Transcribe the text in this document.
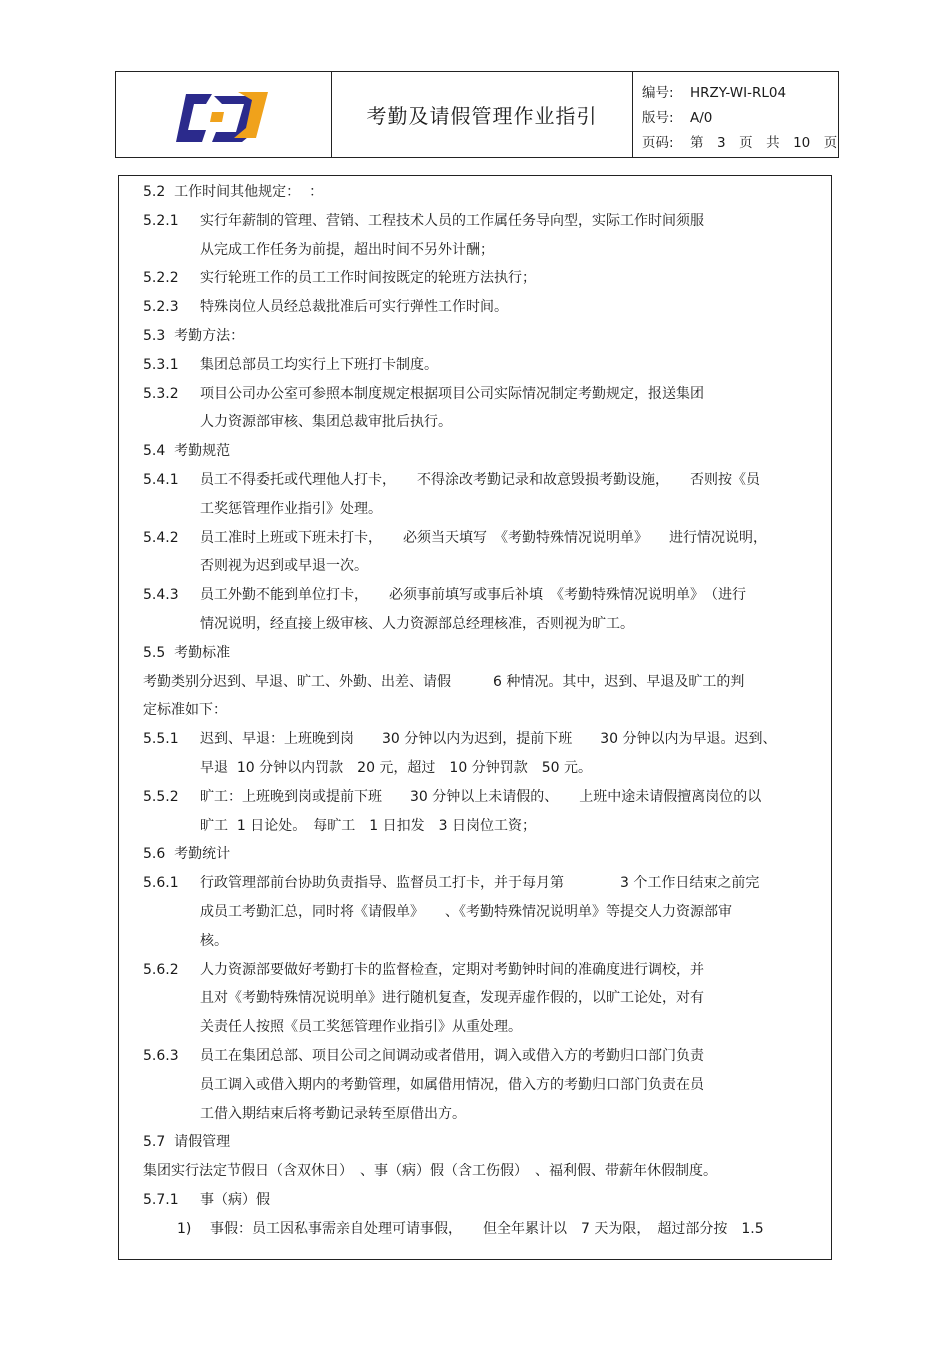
考勤及请假管理作业指引
编号: HRZY-WI-RL04
版号: A/0
页码: 第　3　页　共　10　页
5.2  工作时间其他规定：  ：
5.2.1 实行年薪制的管理、营销、工程技术人员的工作属任务导向型，实际工作时间须服
从完成工作任务为前提，超出时间不另外计酬；
5.2.2 实行轮班工作的员工工作时间按既定的轮班方法执行；
5.2.3 特殊岗位人员经总裁批准后可实行弹性工作时间。
5.3  考勤方法：
5.3.1 集团总部员工均实行上下班打卡制度。
5.3.2 项目公司办公室可参照本制度规定根据项目公司实际情况制定考勤规定，报送集团
人力资源部审核、集团总裁审批后执行。
5.4  考勤规范
5.4.1 员工不得委托或代理他人打卡，　　不得涂改考勤记录和故意毁损考勤设施，　　否则按《员
工奖惩管理作业指引》处理。
5.4.2 员工准时上班或下班未打卡，　　必须当天填写　《考勤特殊情况说明单》　　进行情况说明，
否则视为迟到或早退一次。
5.4.3 员工外勤不能到单位打卡，　　必须事前填写或事后补填　《考勤特殊情况说明单》　（进行
情况说明，经直接上级审核、人力资源部总经理核准，否则视为旷工。
5.5  考勤标准
考勤类别分迟到、早退、旷工、外勤、出差、请假　　　6 种情况。其中，迟到、早退及旷工的判
定标准如下：
5.5.1 迟到、早退：上班晚到岗　　30 分钟以内为迟到，提前下班　　30 分钟以内为早退。迟到、
早退  10 分钟以内罚款　20 元，超过　10 分钟罚款　50 元。
5.5.2 旷工：上班晚到岗或提前下班　　30 分钟以上未请假的、　　上班中途未请假擅离岗位的以
旷工  1 日论处。　每旷工　1 日扣发　3 日岗位工资；
5.6  考勤统计
5.6.1 行政管理部前台协助负责指导、监督员工打卡，并于每月第　　　　3 个工作日结束之前完
成员工考勤汇总，同时将《请假单》　　、《考勤特殊情况说明单》等提交人力资源部审
核。
5.6.2 人力资源部要做好考勤打卡的监督检查，定期对考勤钟时间的准确度进行调校，并
且对《考勤特殊情况说明单》进行随机复查，发现弄虚作假的，以旷工论处，对有
关责任人按照《员工奖惩管理作业指引》从重处理。
5.6.3 员工在集团总部、项目公司之间调动或者借用，调入或借入方的考勤归口部门负责
员工调入或借入期内的考勤管理，如属借用情况，借入方的考勤归口部门负责在员
工借入期结束后将考勤记录转至原借出方。
5.7  请假管理
集团实行法定节假日（含双休日）　、事（病）假（含工伤假）　、福利假、带薪年休假制度。
5.7.1 事（病）假
1) 事假：员工因私事需亲自处理可请事假，　　但全年累计以　7 天为限，　超过部分按　1.5
